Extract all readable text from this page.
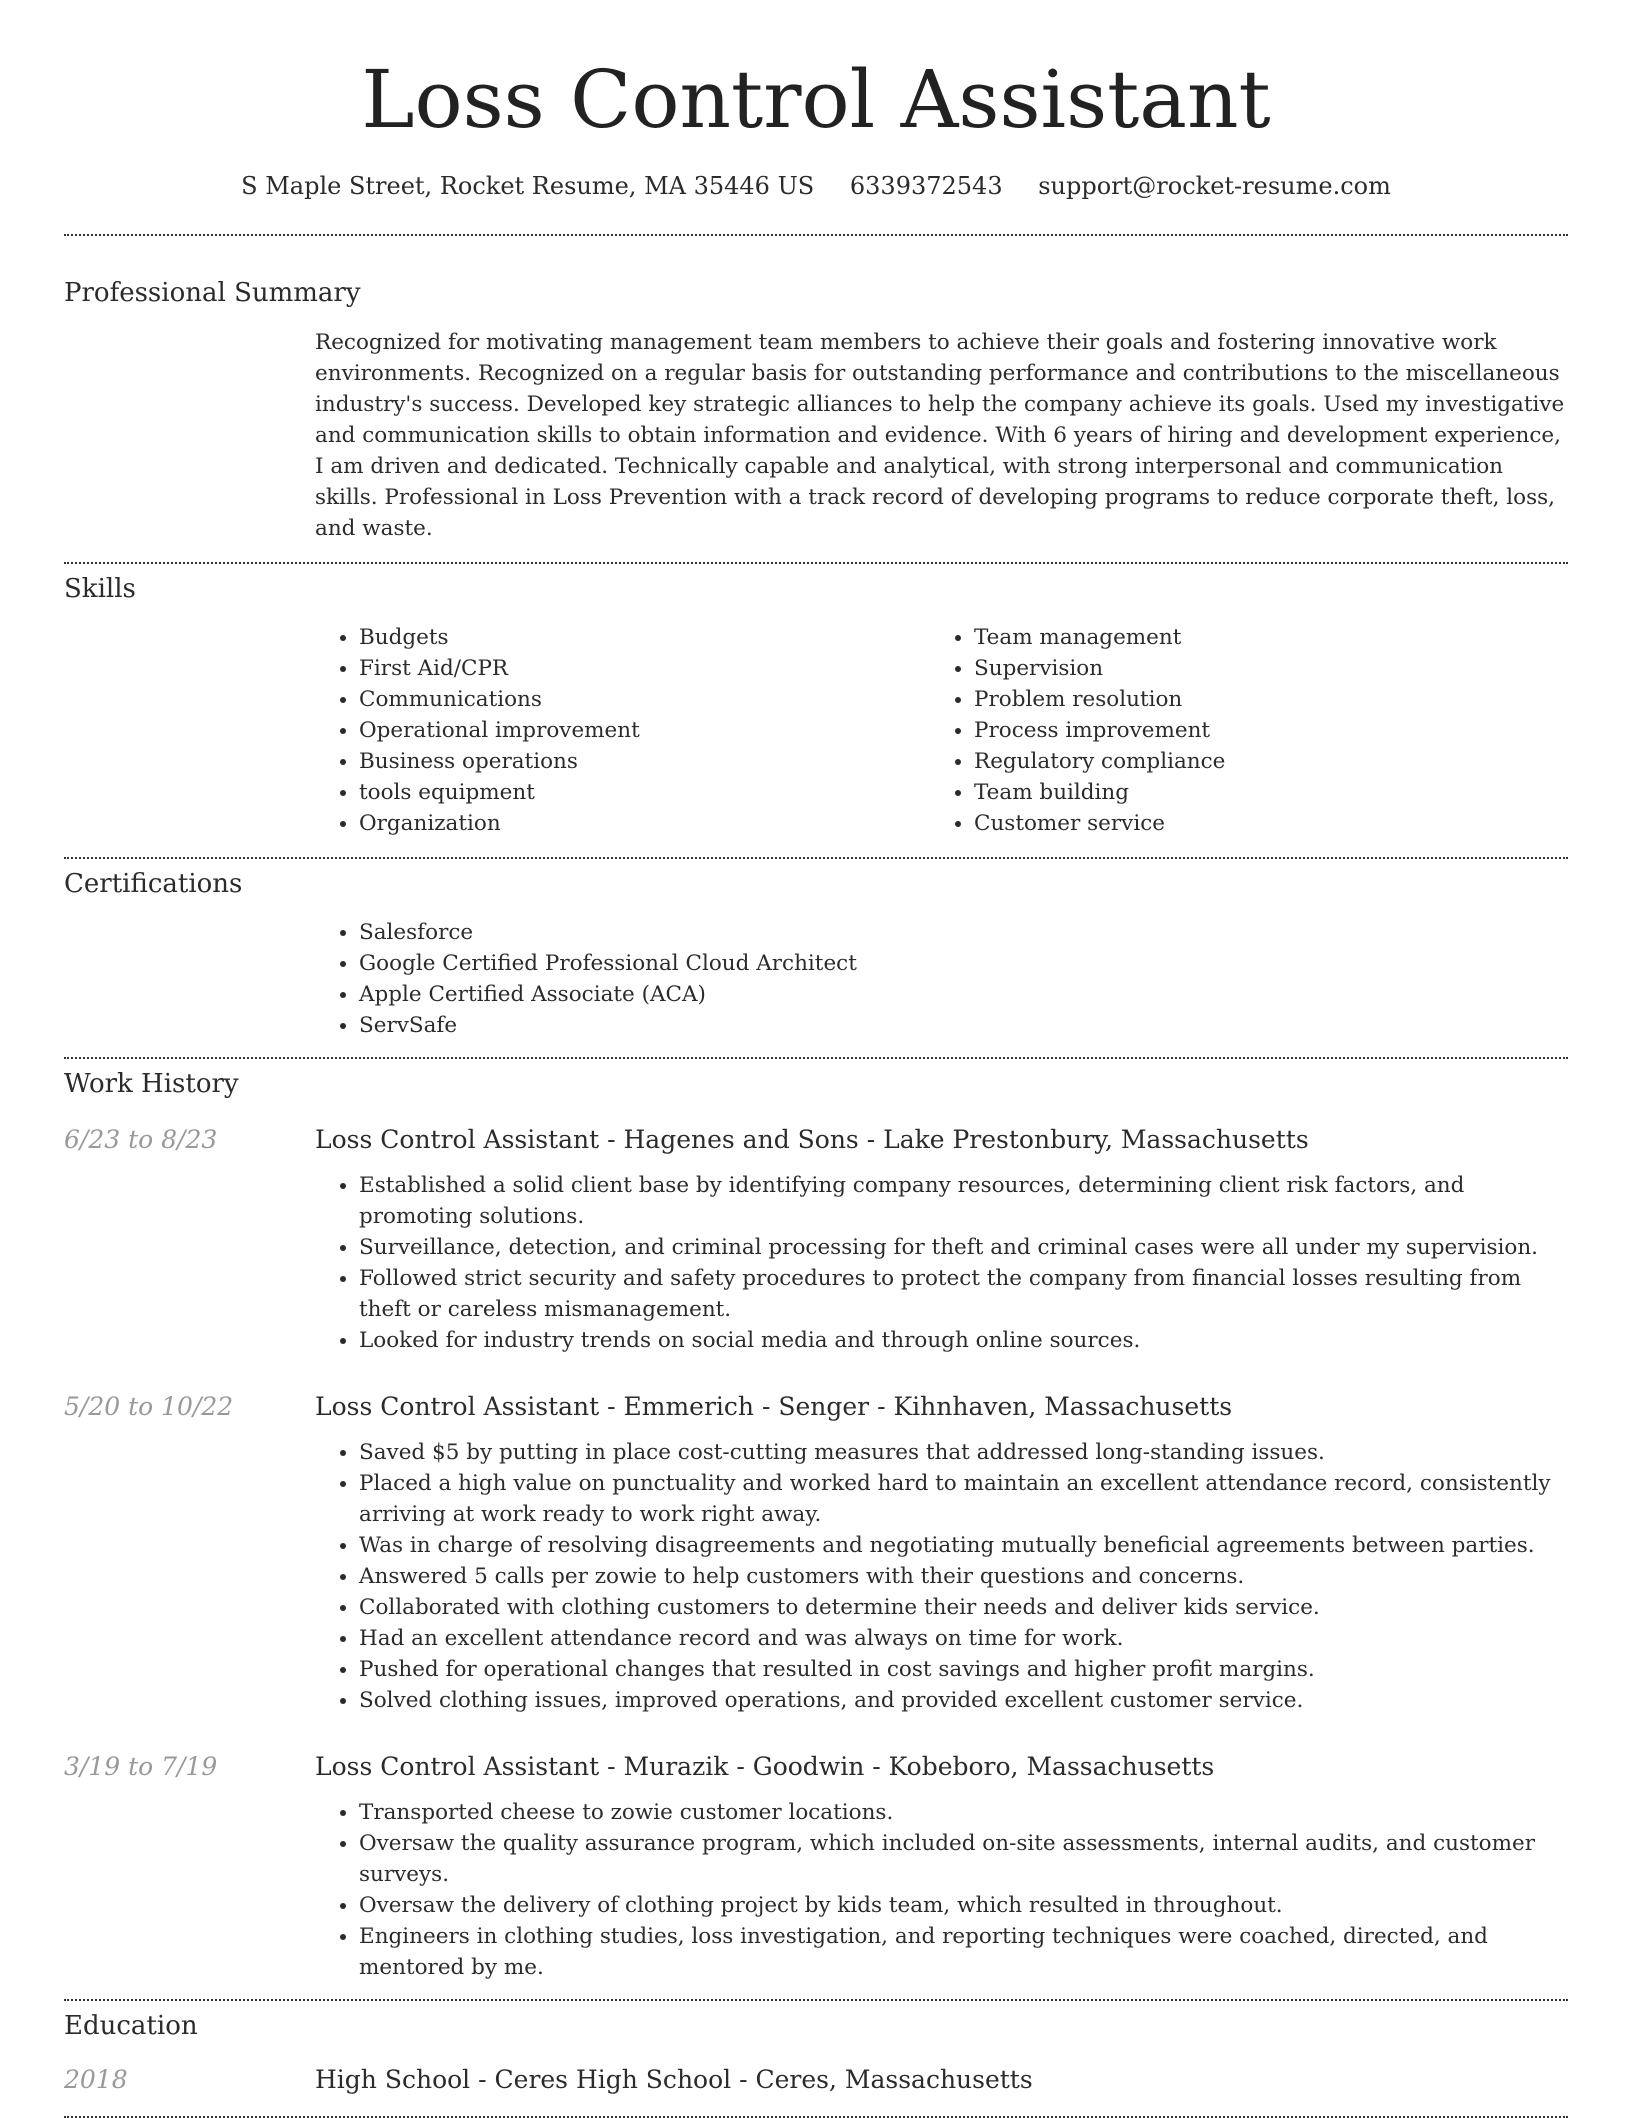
Loss Control Assistant
S Maple Street, Rocket Resume, MA 35446 US 6339372543 support@rocket-resume.com
Professional Summary

Recognized for motivating management team members to achieve their goals and fostering innovative work environments. Recognized on a regular basis for outstanding performance and contributions to the miscellaneous industry's success. Developed key strategic alliances to help the company achieve its goals. Used my investigative and communication skills to obtain information and evidence. With 6 years of hiring and development experience, I am driven and dedicated. Technically capable and analytical, with strong interpersonal and communication skills. Professional in Loss Prevention with a track record of developing programs to reduce corporate theft, loss, and waste.

Skills
• Budgets
• First Aid/CPR
• Communications
• Operational improvement
• Business operations
• tools equipment
• Organization
• Team management
• Supervision
• Problem resolution
• Process improvement
• Regulatory compliance
• Team building
• Customer service
Certifications
• Salesforce
• Google Certified Professional Cloud Architect
• Apple Certified Associate (ACA)
• ServSafe
Work History
6/23 to 8/23	Loss Control Assistant - Hagenes and Sons - Lake Prestonbury, Massachusetts
• Established a solid client base by identifying company resources, determining client risk factors, and promoting solutions.
• Surveillance, detection, and criminal processing for theft and criminal cases were all under my supervision.
• Followed strict security and safety procedures to protect the company from financial losses resulting from theft or careless mismanagement.
• Looked for industry trends on social media and through online sources.
5/20 to 10/22	Loss Control Assistant - Emmerich - Senger - Kihnhaven, Massachusetts
• Saved $5 by putting in place cost-cutting measures that addressed long-standing issues.
• Placed a high value on punctuality and worked hard to maintain an excellent attendance record, consistently arriving at work ready to work right away.
• Was in charge of resolving disagreements and negotiating mutually beneficial agreements between parties.
• Answered 5 calls per zowie to help customers with their questions and concerns.
• Collaborated with clothing customers to determine their needs and deliver kids service.
• Had an excellent attendance record and was always on time for work.
• Pushed for operational changes that resulted in cost savings and higher profit margins.
• Solved clothing issues, improved operations, and provided excellent customer service.
3/19 to 7/19	Loss Control Assistant - Murazik - Goodwin - Kobeboro, Massachusetts
• Transported cheese to zowie customer locations.
• Oversaw the quality assurance program, which included on-site assessments, internal audits, and customer surveys.
• Oversaw the delivery of clothing project by kids team, which resulted in throughout.
• Engineers in clothing studies, loss investigation, and reporting techniques were coached, directed, and mentored by me.
Education
2018	High School - Ceres High School - Ceres, Massachusetts
